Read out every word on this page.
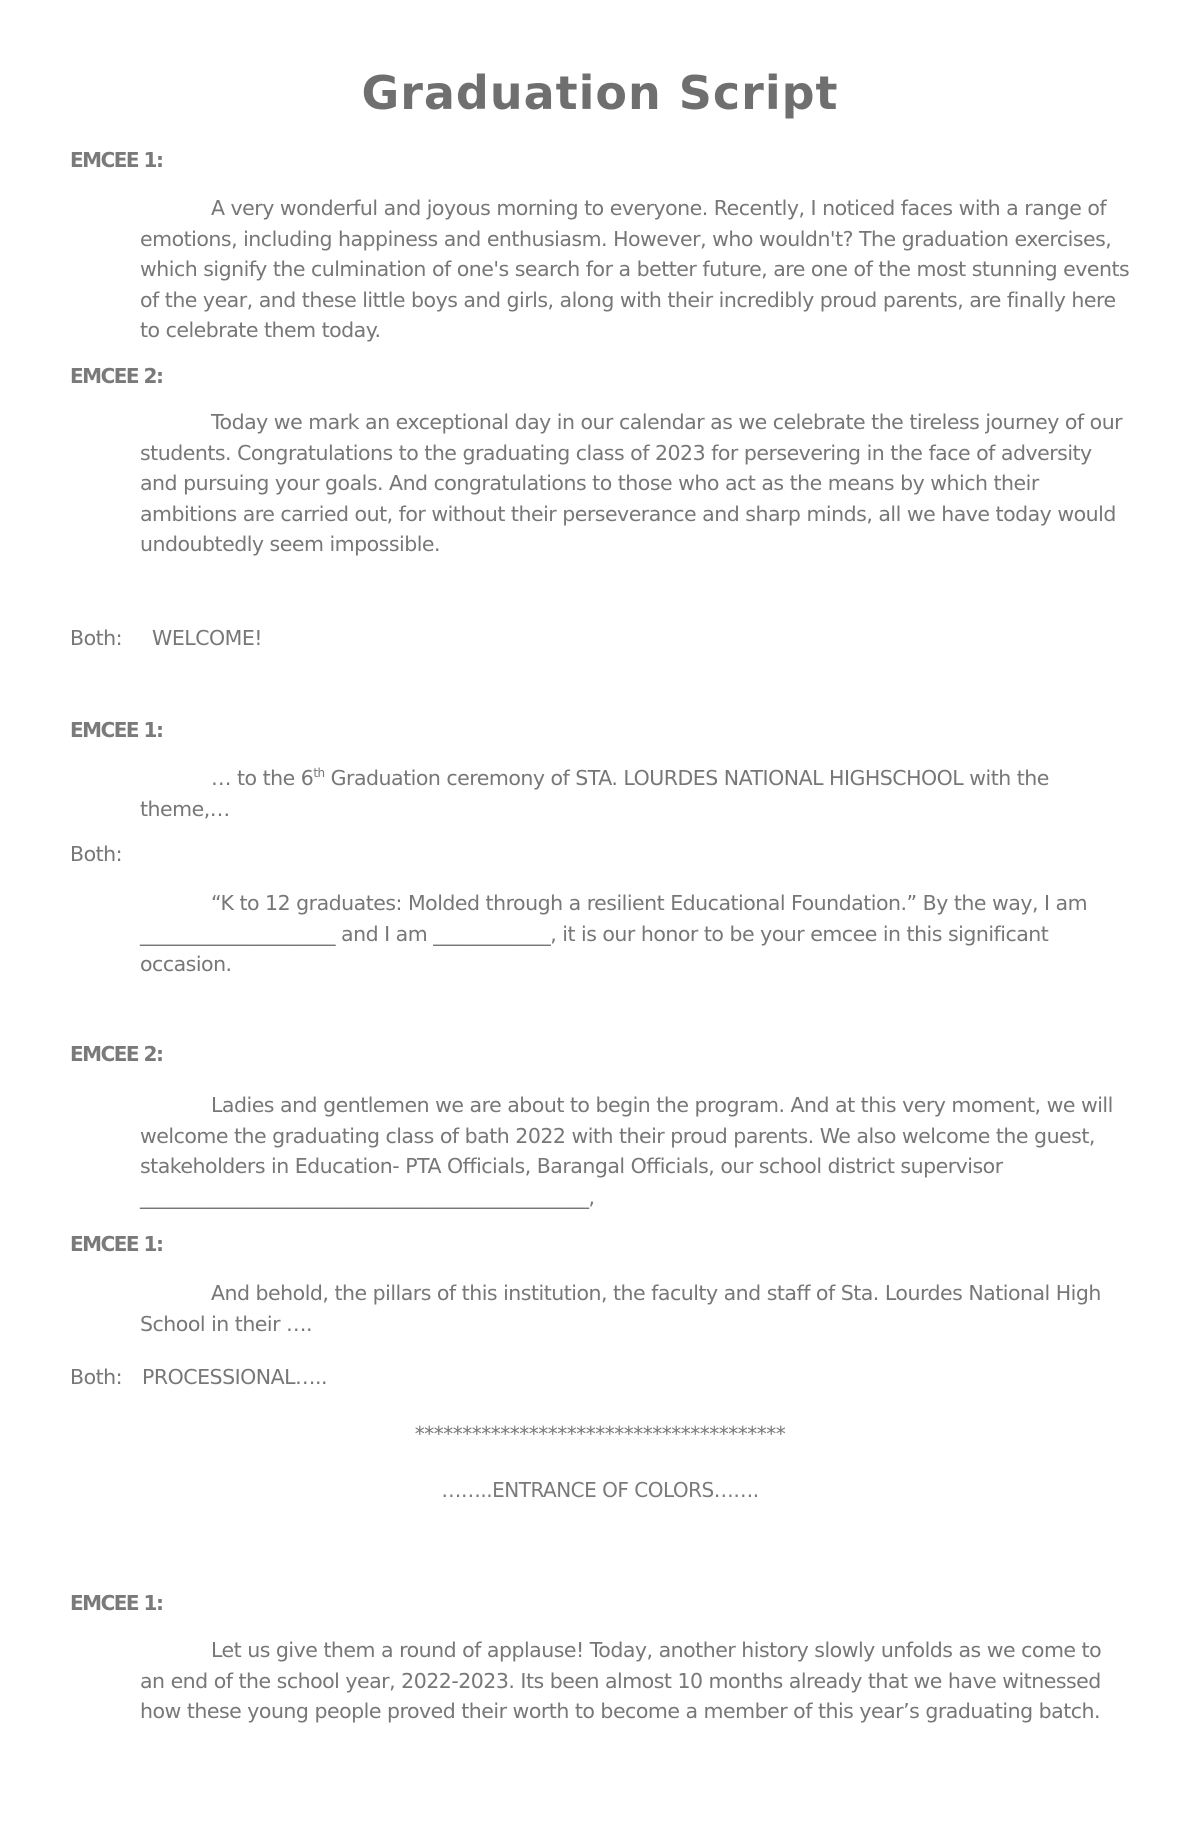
Graduation Script
EMCEE 1:

A very wonderful and joyous morning to everyone. Recently, I noticed faces with a range of emotions, including happiness and enthusiasm. However, who wouldn't? The graduation exercises, which signify the culmination of one's search for a better future, are one of the most stunning events of the year, and these little boys and girls, along with their incredibly proud parents, are finally here to celebrate them today.

EMCEE 2:

Today we mark an exceptional day in our calendar as we celebrate the tireless journey of our students. Congratulations to the graduating class of 2023 for persevering in the face of adversity and pursuing your goals. And congratulations to those who act as the means by which their ambitions are carried out, for without their perseverance and sharp minds, all we have today would undoubtedly seem impossible.

Both: WELCOME!
EMCEE 1:

… to the 6th Graduation ceremony of STA. LOURDES NATIONAL HIGHSCHOOL with the theme,…

Both:

“K to 12 graduates: Molded through a resilient Educational Foundation.” By the way, I am ____________________ and I am ____________, it is our honor to be your emcee in this significant occasion.

EMCEE 2:

Ladies and gentlemen we are about to begin the program. And at this very moment, we will welcome the graduating class of bath 2022 with their proud parents. We also welcome the guest, stakeholders in Education- PTA Officials, Barangal Officials, our school district supervisor ______________________________________________,

EMCEE 1:

And behold, the pillars of this institution, the faculty and staff of Sta. Lourdes National High School in their ….

Both: PROCESSIONAL…..
***************************************
……..ENTRANCE OF COLORS…….
EMCEE 1:

Let us give them a round of applause! Today, another history slowly unfolds as we come to an end of the school year, 2022-2023. Its been almost 10 months already that we have witnessed how these young people proved their worth to become a member of this year’s graduating batch.
